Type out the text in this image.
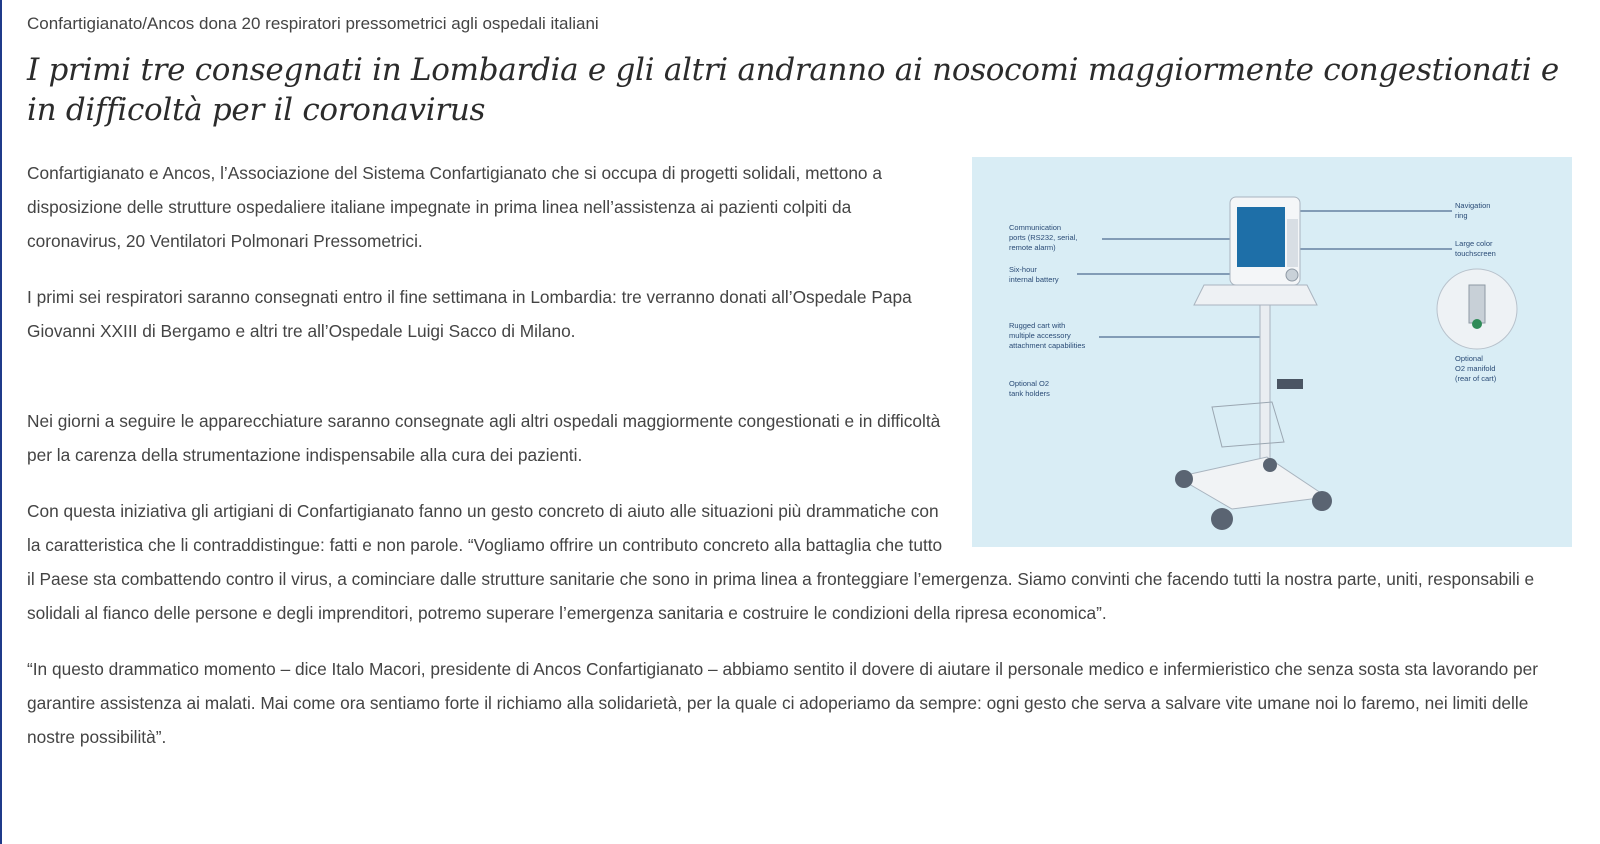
Confartigianato/Ancos dona 20 respiratori pressometrici agli ospedali italiani
I primi tre consegnati in Lombardia e gli altri andranno ai nosocomi maggiormente congestionati e in difficoltà per il coronavirus
Communication
ports (RS232, serial,
remote alarm)
Six-hour
internal battery
Rugged cart with
multiple accessory
attachment capabilities
Optional O2
tank holders
Navigation
ring
Large color
touchscreen
Optional
O2 manifold
(rear of cart)

Confartigianato e Ancos, l’Associazione del Sistema Confartigianato che si occupa di progetti solidali, mettono a disposizione delle strutture ospedaliere italiane impegnate in prima linea nell’assistenza ai pazienti colpiti da coronavirus, 20 Ventilatori Polmonari Pressometrici.

I primi sei respiratori saranno consegnati entro il fine settimana in Lombardia: tre verranno donati all’Ospedale Papa Giovanni XXIII di Bergamo e altri tre all’Ospedale Luigi Sacco di Milano.

Nei giorni a seguire le apparecchiature saranno consegnate agli altri ospedali maggiormente congestionati e in difficoltà per la carenza della strumentazione indispensabile alla cura dei pazienti.

Con questa iniziativa gli artigiani di Confartigianato fanno un gesto concreto di aiuto alle situazioni più drammatiche con la caratteristica che li contraddistingue: fatti e non parole. “Vogliamo offrire un contributo concreto alla battaglia che tutto il Paese sta combattendo contro il virus, a cominciare dalle strutture sanitarie che sono in prima linea a fronteggiare l’emergenza. Siamo convinti che facendo tutti la nostra parte, uniti, responsabili e solidali al fianco delle persone e degli imprenditori, potremo superare l’emergenza sanitaria e costruire le condizioni della ripresa economica”.

“In questo drammatico momento – dice Italo Macori, presidente di Ancos Confartigianato – abbiamo sentito il dovere di aiutare il personale medico e infermieristico che senza sosta sta lavorando per garantire assistenza ai malati. Mai come ora sentiamo forte il richiamo alla solidarietà, per la quale ci adoperiamo da sempre: ogni gesto che serva a salvare vite umane noi lo faremo, nei limiti delle nostre possibilità”.
